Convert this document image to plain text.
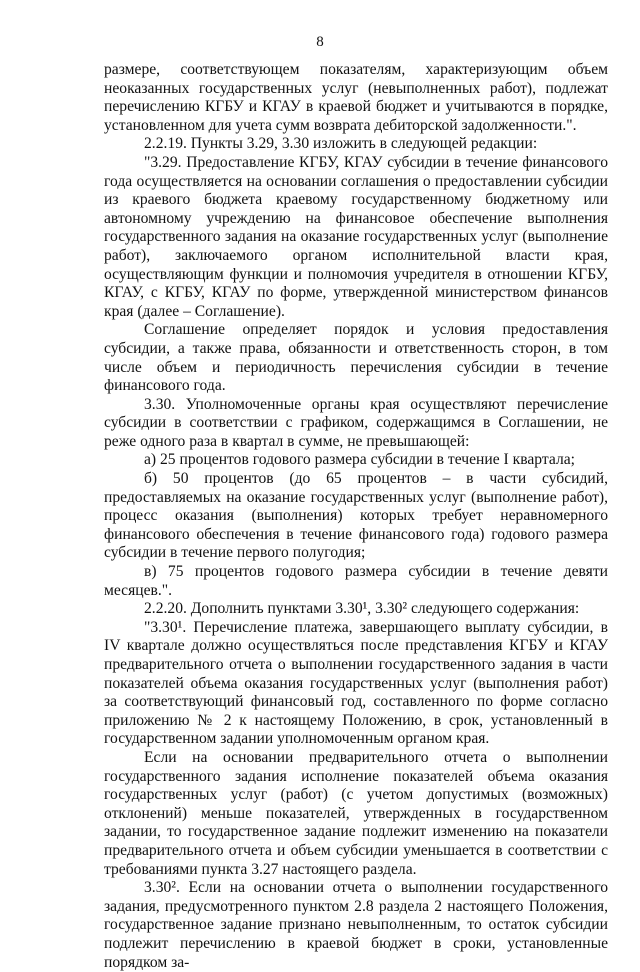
8

размере, соответствующем показателям, характеризующим объем неоказанных государственных услуг (невыполненных работ), подлежат перечислению КГБУ и КГАУ в краевой бюджет и учитываются в порядке, установленном для учета сумм возврата дебиторской задолженности.".

2.2.19. Пункты 3.29, 3.30 изложить в следующей редакции:

"3.29. Предоставление КГБУ, КГАУ субсидии в течение финансового года осуществляется на основании соглашения о предоставлении субсидии из краевого бюджета краевому государственному бюджетному или автономному учреждению на финансовое обеспечение выполнения государственного задания на оказание государственных услуг (выполнение работ), заключаемого органом исполнительной власти края, осуществляющим функции и полномочия учредителя в отношении КГБУ, КГАУ, с КГБУ, КГАУ по форме, утвержденной министерством финансов края (далее – Соглашение).

Соглашение определяет порядок и условия предоставления субсидии, а также права, обязанности и ответственность сторон, в том числе объем и периодичность перечисления субсидии в течение финансового года.

3.30. Уполномоченные органы края осуществляют перечисление субсидии в соответствии с графиком, содержащимся в Соглашении, не реже одного раза в квартал в сумме, не превышающей:

а) 25 процентов годового размера субсидии в течение I квартала;

б) 50 процентов (до 65 процентов – в части субсидий, предоставляемых на оказание государственных услуг (выполнение работ), процесс оказания (выполнения) которых требует неравномерного финансового обеспечения в течение финансового года) годового размера субсидии в течение первого полугодия;

в) 75 процентов годового размера субсидии в течение девяти месяцев.".

2.2.20. Дополнить пунктами 3.30¹, 3.30² следующего содержания:

"3.30¹. Перечисление платежа, завершающего выплату субсидии, в IV квартале должно осуществляться после представления КГБУ и КГАУ предварительного отчета о выполнении государственного задания в части показателей объема оказания государственных услуг (выполнения работ) за соответствующий финансовый год, составленного по форме согласно приложению № 2 к настоящему Положению, в срок, установленный в государственном задании уполномоченным органом края.

Если на основании предварительного отчета о выполнении государственного задания исполнение показателей объема оказания государственных услуг (работ) (с учетом допустимых (возможных) отклонений) меньше показателей, утвержденных в государственном задании, то государственное задание подлежит изменению на показатели предварительного отчета и объем субсидии уменьшается в соответствии с требованиями пункта 3.27 настоящего раздела.

3.30². Если на основании отчета о выполнении государственного задания, предусмотренного пунктом 2.8 раздела 2 настоящего Положения, государственное задание признано невыполненным, то остаток субсидии подлежит перечислению в краевой бюджет в сроки, установленные порядком за-
